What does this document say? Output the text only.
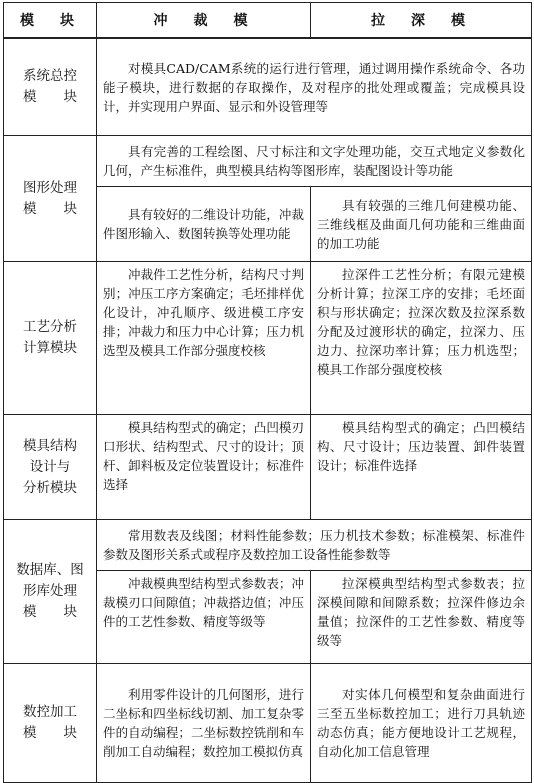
模　块	冲　裁　模	拉　深　模
系统总控
模　　块	对模具CAD/CAM系统的运行进行管理，通过调用操作系统命令、各功能子模块，进行数据的存取操作，及对程序的批处理或覆盖；完成模具设计，并实现用户界面、显示和外设管理等	

图形处理
模　　块	具有完善的工程绘图、尺寸标注和文字处理功能，交互式地定义参数化几何，产生标准件，典型模具结构等图形库，装配图设计等功能	

	具有较好的二维设计功能，冲裁件图形输入、数图转换等处理功能	具有较强的三维几何建模功能、三维线框及曲面几何功能和三维曲面的加工功能

工艺分析
计算模块	冲裁件工艺性分析，结构尺寸判别；冲压工序方案确定；毛坯排样优化设计，冲孔顺序、级进模工序安排；冲裁力和压力中心计算；压力机选型及模具工作部分强度校核	拉深件工艺性分析；有限元建模分析计算；拉深工序的安排；毛坯面积与形状确定；拉深次数及拉深系数分配及过渡形状的确定，拉深力、压边力、拉深功率计算；压力机选型；模具工作部分强度校核

模具结构
设计与
分析模块	模具结构型式的确定；凸凹模刃口形状、结构型式、尺寸的设计；顶杆、卸料板及定位装置设计；标准件选择	模具结构型式的确定；凸凹模结构、尺寸设计；压边装置、卸件装置设计；标准件选择

数据库、图
形库处理
模　　块	常用数表及线图；材料性能参数；压力机技术参数；标准模架、标准件参数及图形关系式或程序及数控加工设备性能参数等	

	冲裁模典型结构型式参数表；冲裁模刃口间隙值；冲裁搭边值；冲压件的工艺性参数、精度等级等	拉深模典型结构型式参数表；拉深模间隙和间隙系数；拉深件修边余量值；拉深件的工艺性参数、精度等级等

数控加工
模　　块	利用零件设计的几何图形，进行二坐标和四坐标线切割、加工复杂零件的自动编程；二坐标数控铣削和车削加工自动编程；数控加工模拟仿真	对实体几何模型和复杂曲面进行三至五坐标数控加工；进行刀具轨迹动态仿真；能方便地设计工艺规程，自动化加工信息管理
